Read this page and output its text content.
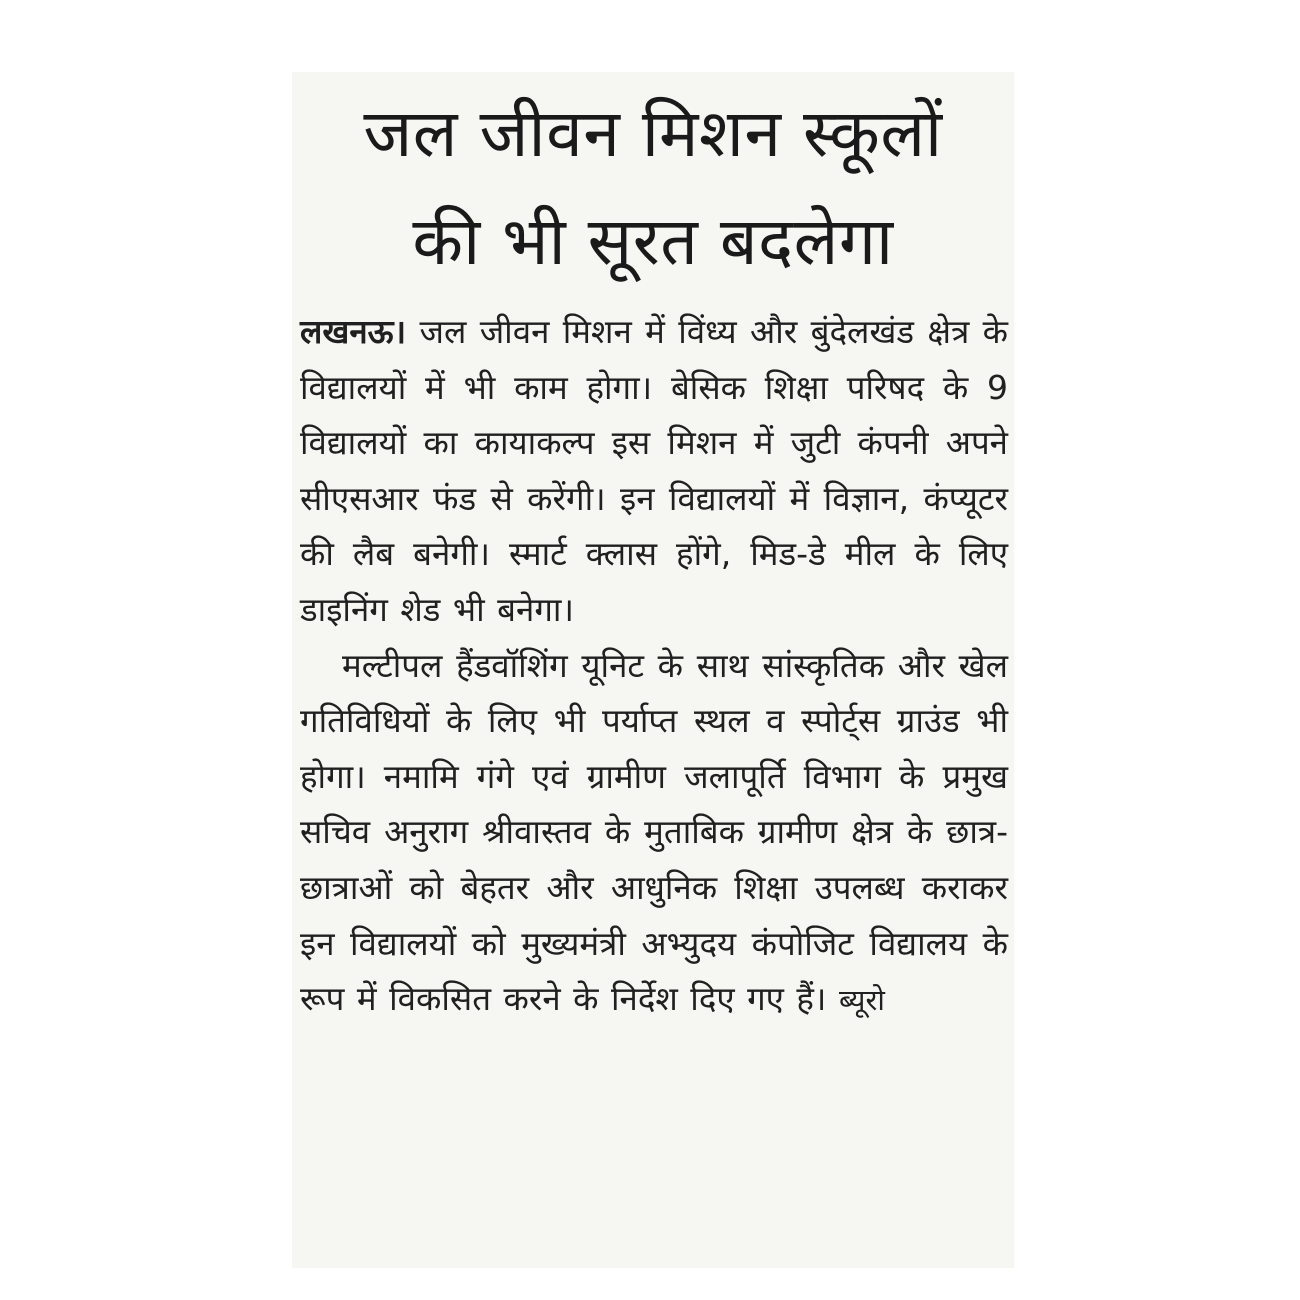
जल जीवन मिशन स्कूलों
की भी सूरत बदलेगा

लखनऊ। जल जीवन मिशन में विंध्य और बुंदेलखंड क्षेत्र के विद्यालयों में भी काम होगा। बेसिक शिक्षा परिषद के 9 विद्यालयों का कायाकल्प इस मिशन में जुटी कंपनी अपने सीएसआर फंड से करेंगी। इन विद्यालयों में विज्ञान, कंप्यूटर की लैब बनेगी। स्मार्ट क्लास होंगे, मिड-डे मील के लिए डाइनिंग शेड भी बनेगा।

मल्टीपल हैंडवॉशिंग यूनिट के साथ सांस्कृतिक और खेल गतिविधियों के लिए भी पर्याप्त स्थल व स्पोर्ट्स ग्राउंड भी होगा। नमामि गंगे एवं ग्रामीण जलापूर्ति विभाग के प्रमुख सचिव अनुराग श्रीवास्तव के मुताबिक ग्रामीण क्षेत्र के छात्र-छात्राओं को बेहतर और आधुनिक शिक्षा उपलब्ध कराकर इन विद्यालयों को मुख्यमंत्री अभ्युदय कंपोजिट विद्यालय के रूप में विकसित करने के निर्देश दिए गए हैं। ब्यूरो
